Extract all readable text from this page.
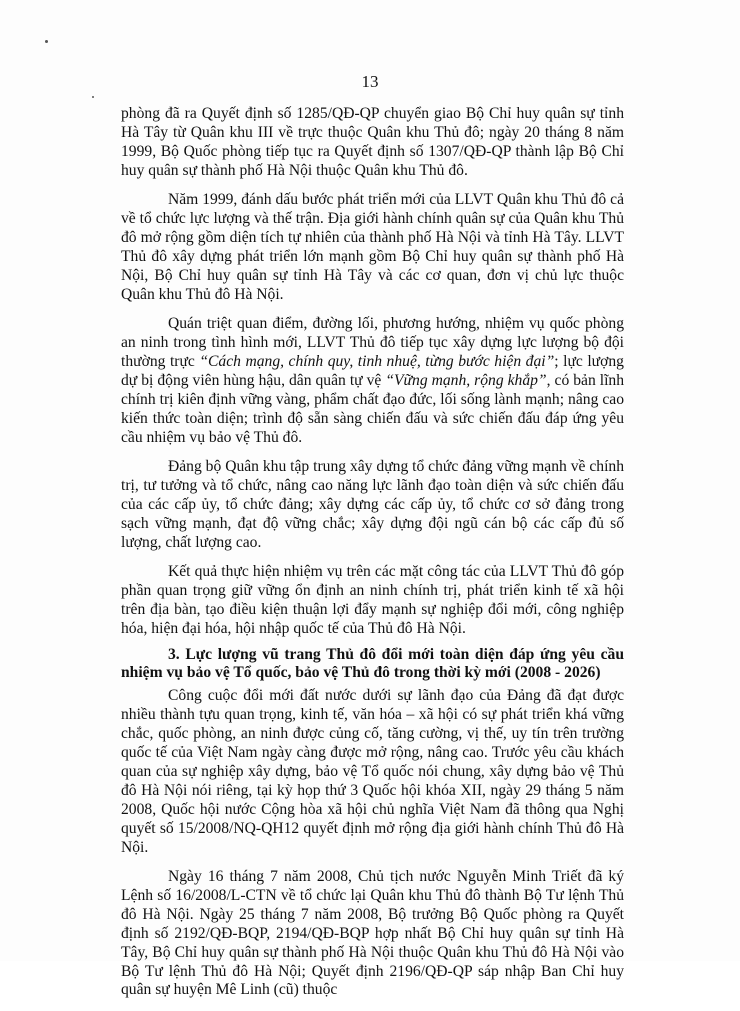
13

phòng đã ra Quyết định số 1285/QĐ-QP chuyển giao Bộ Chỉ huy quân sự tỉnh Hà Tây từ Quân khu III về trực thuộc Quân khu Thủ đô; ngày 20 tháng 8 năm 1999, Bộ Quốc phòng tiếp tục ra Quyết định số 1307/QĐ-QP thành lập Bộ Chỉ huy quân sự thành phố Hà Nội thuộc Quân khu Thủ đô.

Năm 1999, đánh dấu bước phát triển mới của LLVT Quân khu Thủ đô cả về tổ chức lực lượng và thế trận. Địa giới hành chính quân sự của Quân khu Thủ đô mở rộng gồm diện tích tự nhiên của thành phố Hà Nội và tỉnh Hà Tây. LLVT Thủ đô xây dựng phát triển lớn mạnh gồm Bộ Chỉ huy quân sự thành phố Hà Nội, Bộ Chỉ huy quân sự tỉnh Hà Tây và các cơ quan, đơn vị chủ lực thuộc Quân khu Thủ đô Hà Nội.

Quán triệt quan điểm, đường lối, phương hướng, nhiệm vụ quốc phòng an ninh trong tình hình mới, LLVT Thủ đô tiếp tục xây dựng lực lượng bộ đội thường trực “Cách mạng, chính quy, tinh nhuệ, từng bước hiện đại”; lực lượng dự bị động viên hùng hậu, dân quân tự vệ “Vững mạnh, rộng khắp”, có bản lĩnh chính trị kiên định vững vàng, phẩm chất đạo đức, lối sống lành mạnh; nâng cao kiến thức toàn diện; trình độ sẵn sàng chiến đấu và sức chiến đấu đáp ứng yêu cầu nhiệm vụ bảo vệ Thủ đô.

Đảng bộ Quân khu tập trung xây dựng tổ chức đảng vững mạnh về chính trị, tư tưởng và tổ chức, nâng cao năng lực lãnh đạo toàn diện và sức chiến đấu của các cấp ủy, tổ chức đảng; xây dựng các cấp ủy, tổ chức cơ sở đảng trong sạch vững mạnh, đạt độ vững chắc; xây dựng đội ngũ cán bộ các cấp đủ số lượng, chất lượng cao.

Kết quả thực hiện nhiệm vụ trên các mặt công tác của LLVT Thủ đô góp phần quan trọng giữ vững ổn định an ninh chính trị, phát triển kinh tế xã hội trên địa bàn, tạo điều kiện thuận lợi đẩy mạnh sự nghiệp đổi mới, công nghiệp hóa, hiện đại hóa, hội nhập quốc tế của Thủ đô Hà Nội.

3. Lực lượng vũ trang Thủ đô đổi mới toàn diện đáp ứng yêu cầu nhiệm vụ bảo vệ Tổ quốc, bảo vệ Thủ đô trong thời kỳ mới (2008 - 2026)

Công cuộc đổi mới đất nước dưới sự lãnh đạo của Đảng đã đạt được nhiều thành tựu quan trọng, kinh tế, văn hóa – xã hội có sự phát triển khá vững chắc, quốc phòng, an ninh được củng cố, tăng cường, vị thế, uy tín trên trường quốc tế của Việt Nam ngày càng được mở rộng, nâng cao. Trước yêu cầu khách quan của sự nghiệp xây dựng, bảo vệ Tổ quốc nói chung, xây dựng bảo vệ Thủ đô Hà Nội nói riêng, tại kỳ họp thứ 3 Quốc hội khóa XII, ngày 29 tháng 5 năm 2008, Quốc hội nước Cộng hòa xã hội chủ nghĩa Việt Nam đã thông qua Nghị quyết số 15/2008/NQ-QH12 quyết định mở rộng địa giới hành chính Thủ đô Hà Nội.

Ngày 16 tháng 7 năm 2008, Chủ tịch nước Nguyễn Minh Triết đã ký Lệnh số 16/2008/L-CTN về tổ chức lại Quân khu Thủ đô thành Bộ Tư lệnh Thủ đô Hà Nội. Ngày 25 tháng 7 năm 2008, Bộ trưởng Bộ Quốc phòng ra Quyết định số 2192/QĐ-BQP, 2194/QĐ-BQP hợp nhất Bộ Chỉ huy quân sự tỉnh Hà Tây, Bộ Chỉ huy quân sự thành phố Hà Nội thuộc Quân khu Thủ đô Hà Nội vào Bộ Tư lệnh Thủ đô Hà Nội; Quyết định 2196/QĐ-QP sáp nhập Ban Chỉ huy quân sự huyện Mê Linh (cũ) thuộc
